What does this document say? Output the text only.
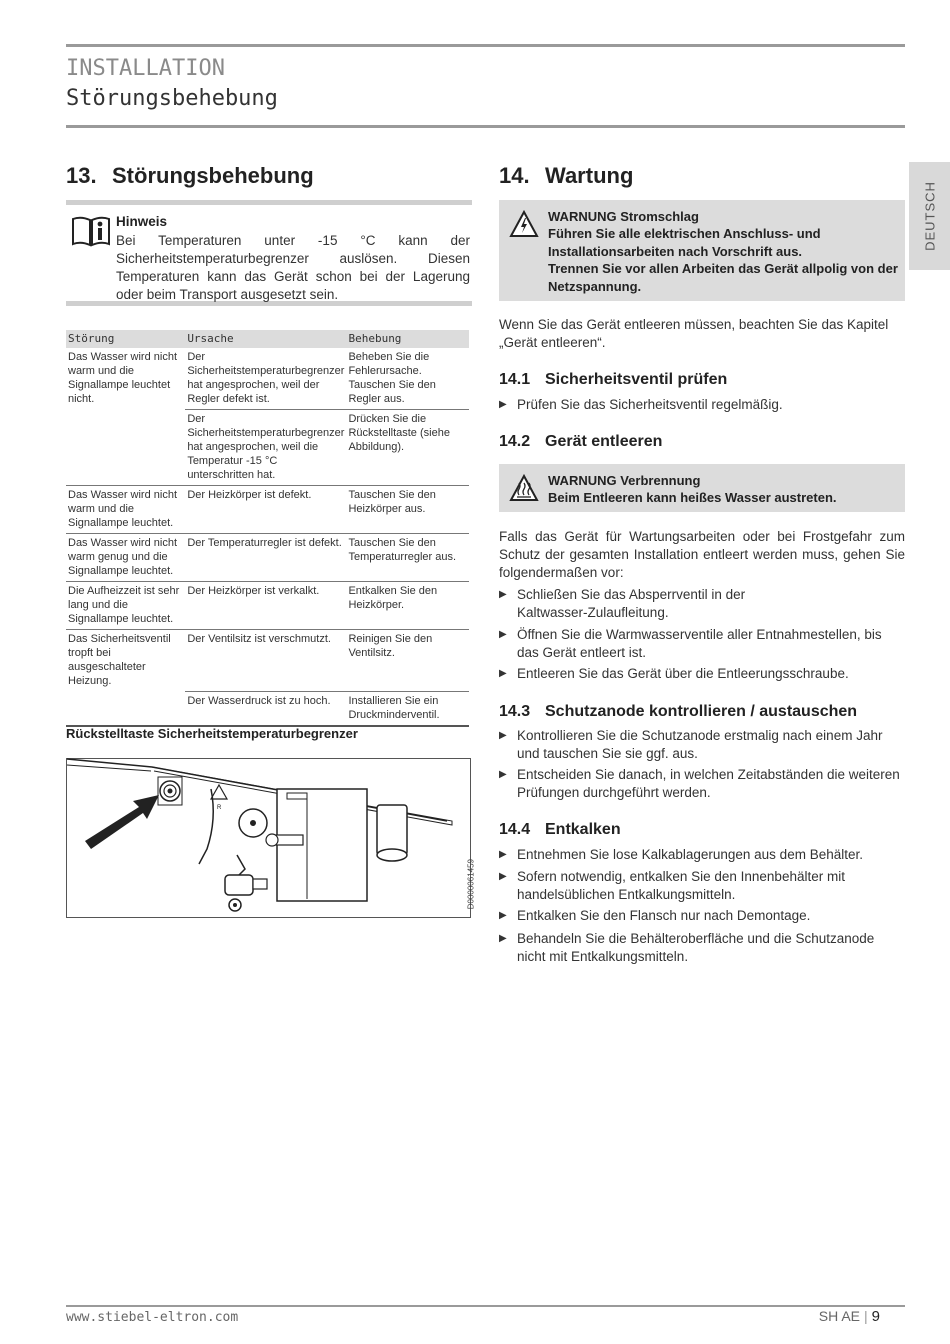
INSTALLATION
Störungsbehebung
DEUTSCH
13. Störungsbehebung
Hinweis
Bei Temperaturen unter -15 °C kann der Sicherheitstemperaturbegrenzer auslösen. Diesen Temperaturen kann das Gerät schon bei der Lagerung oder beim Transport ausgesetzt sein.
Störung	Ursache	Behebung
Das Wasser wird nicht warm und die Signallampe leuchtet nicht.	Der Sicherheitstemperaturbegrenzer hat angesprochen, weil der Regler defekt ist.	Beheben Sie die Fehlerursache. Tauschen Sie den Regler aus.
	Der Sicherheitstemperaturbegrenzer hat angesprochen, weil die Temperatur -15 °C unterschritten hat.	Drücken Sie die Rückstelltaste (siehe Abbildung).
Das Wasser wird nicht warm und die Signallampe leuchtet.	Der Heizkörper ist defekt.	Tauschen Sie den Heizkörper aus.
Das Wasser wird nicht warm genug und die Signallampe leuchtet.	Der Temperaturregler ist defekt.	Tauschen Sie den Temperaturregler aus.
Die Aufheizzeit ist sehr lang und die Signallampe leuchtet.	Der Heizkörper ist verkalkt.	Entkalken Sie den Heizkörper.
Das Sicherheitsventil tropft bei ausgeschalteter Heizung.	Der Ventilsitz ist verschmutzt.	Reinigen Sie den Ventilsitz.
	Der Wasserdruck ist zu hoch.	Installieren Sie ein Druckminderventil.
Rückstelltaste Sicherheitstemperaturbegrenzer
R
D0000061459
14. Wartung
WARNUNG Stromschlag
Führen Sie alle elektrischen Anschluss- und Installationsarbeiten nach Vorschrift aus.
Trennen Sie vor allen Arbeiten das Gerät allpolig von der Netzspannung.
Wenn Sie das Gerät entleeren müssen, beachten Sie das Kapitel „Gerät entleeren“.
14.1 Sicherheitsventil prüfen
▶ Prüfen Sie das Sicherheitsventil regelmäßig.
14.2 Gerät entleeren
WARNUNG Verbrennung
Beim Entleeren kann heißes Wasser austreten.
Falls das Gerät für Wartungsarbeiten oder bei Frostgefahr zum Schutz der gesamten Installation entleert werden muss, gehen Sie folgendermaßen vor:
▶ Schließen Sie das Absperrventil in der Kaltwasser-Zulaufleitung.
▶ Öffnen Sie die Warmwasserventile aller Entnahmestellen, bis das Gerät entleert ist.
▶ Entleeren Sie das Gerät über die Entleerungsschraube.
14.3 Schutzanode kontrollieren / austauschen
▶ Kontrollieren Sie die Schutzanode erstmalig nach einem Jahr und tauschen Sie sie ggf. aus.
▶ Entscheiden Sie danach, in welchen Zeitabständen die weiteren Prüfungen durchgeführt werden.
14.4 Entkalken
▶ Entnehmen Sie lose Kalkablagerungen aus dem Behälter.
▶ Sofern notwendig, entkalken Sie den Innenbehälter mit handelsüblichen Entkalkungsmitteln.
▶ Entkalken Sie den Flansch nur nach Demontage.
▶ Behandeln Sie die Behälteroberfläche und die Schutzanode nicht mit Entkalkungsmitteln.
www.stiebel-eltron.com	SH AE | 9
